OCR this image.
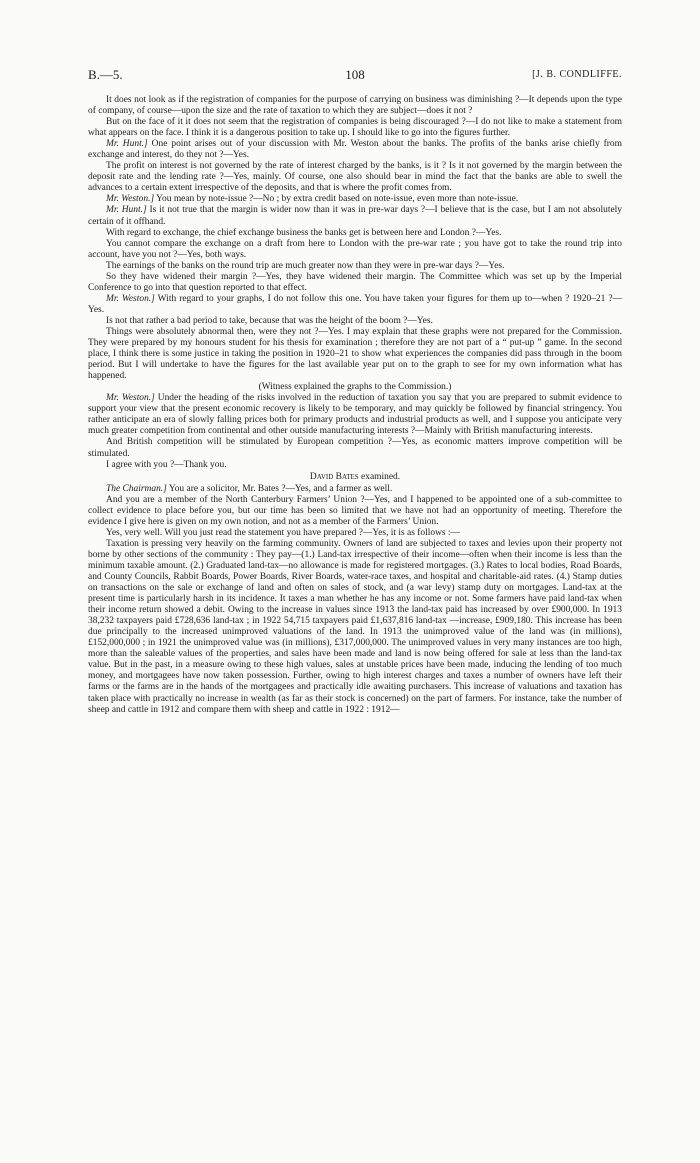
B.—5.	108	[J. B. CONDLIFFE.

It does not look as if the registration of companies for the purpose of carrying on business was diminishing ?—It depends upon the type of company, of course—upon the size and the rate of taxation to which they are subject—does it not ?

But on the face of it it does not seem that the registration of companies is being discouraged ?—I do not like to make a statement from what appears on the face. I think it is a dangerous position to take up. I should like to go into the figures further.

Mr. Hunt.] One point arises out of your discussion with Mr. Weston about the banks. The profits of the banks arise chiefly from exchange and interest, do they not ?—Yes.

The profit on interest is not governed by the rate of interest charged by the banks, is it ? Is it not governed by the margin between the deposit rate and the lending rate ?—Yes, mainly. Of course, one also should bear in mind the fact that the banks are able to swell the advances to a certain extent irrespective of the deposits, and that is where the profit comes from.

Mr. Weston.] You mean by note-issue ?—No ; by extra credit based on note-issue, even more than note-issue.

Mr. Hunt.] Is it not true that the margin is wider now than it was in pre-war days ?—I believe that is the case, but I am not absolutely certain of it offhand.

With regard to exchange, the chief exchange business the banks get is between here and London ?—Yes.

You cannot compare the exchange on a draft from here to London with the pre-war rate ; you have got to take the round trip into account, have you not ?—Yes, both ways.

The earnings of the banks on the round trip are much greater now than they were in pre-war days ?—Yes.

So they have widened their margin ?—Yes, they have widened their margin. The Committee which was set up by the Imperial Conference to go into that question reported to that effect.

Mr. Weston.] With regard to your graphs, I do not follow this one. You have taken your figures for them up to—when ? 1920–21 ?—Yes.

Is not that rather a bad period to take, because that was the height of the boom ?—Yes.

Things were absolutely abnormal then, were they not ?—Yes. I may explain that these graphs were not prepared for the Commission. They were prepared by my honours student for his thesis for examination ; therefore they are not part of a “ put-up ” game. In the second place, I think there is some justice in taking the position in 1920–21 to show what experiences the companies did pass through in the boom period. But I will undertake to have the figures for the last available year put on to the graph to see for my own information what has happened.

(Witness explained the graphs to the Commission.)

Mr. Weston.] Under the heading of the risks involved in the reduction of taxation you say that you are prepared to submit evidence to support your view that the present economic recovery is likely to be temporary, and may quickly be followed by financial stringency. You rather anticipate an era of slowly falling prices both for primary products and industrial products as well, and I suppose you anticipate very much greater competition from continental and other outside manufacturing interests ?—Mainly with British manufacturing interests.

And British competition will be stimulated by European competition ?—Yes, as economic matters improve competition will be stimulated.

I agree with you ?—Thank you.

David Bates examined.

The Chairman.] You are a solicitor, Mr. Bates ?—Yes, and a farmer as well.

And you are a member of the North Canterbury Farmers’ Union ?—Yes, and I happened to be appointed one of a sub-committee to collect evidence to place before you, but our time has been so limited that we have not had an opportunity of meeting. Therefore the evidence I give here is given on my own notion, and not as a member of the Farmers’ Union.

Yes, very well. Will you just read the statement you have prepared ?—Yes, it is as follows :—

Taxation is pressing very heavily on the farming community. Owners of land are subjected to taxes and levies upon their property not borne by other sections of the community : They pay—(1.) Land-tax irrespective of their income—often when their income is less than the minimum taxable amount. (2.) Graduated land-tax—no allowance is made for registered mortgages. (3.) Rates to local bodies, Road Boards, and County Councils, Rabbit Boards, Power Boards, River Boards, water-race taxes, and hospital and charitable-aid rates. (4.) Stamp duties on transactions on the sale or exchange of land and often on sales of stock, and (a war levy) stamp duty on mortgages. Land-tax at the present time is particularly harsh in its incidence. It taxes a man whether he has any income or not. Some farmers have paid land-tax when their income return showed a debit. Owing to the increase in values since 1913 the land-tax paid has increased by over £900,000. In 1913 38,232 taxpayers paid £728,636 land-tax ; in 1922 54,715 taxpayers paid £1,637,816 land-tax —increase, £909,180. This increase has been due principally to the increased unimproved valuations of the land. In 1913 the unimproved value of the land was (in millions), £152,000,000 ; in 1921 the unimproved value was (in millions), £317,000,000. The unimproved values in very many instances are too high, more than the saleable values of the properties, and sales have been made and land is now being offered for sale at less than the land-tax value. But in the past, in a measure owing to these high values, sales at unstable prices have been made, inducing the lending of too much money, and mortgagees have now taken possession. Further, owing to high interest charges and taxes a number of owners have left their farms or the farms are in the hands of the mortgagees and practically idle awaiting purchasers. This increase of valuations and taxation has taken place with practically no increase in wealth (as far as their stock is concerned) on the part of farmers. For instance, take the number of sheep and cattle in 1912 and compare them with sheep and cattle in 1922 : 1912—
